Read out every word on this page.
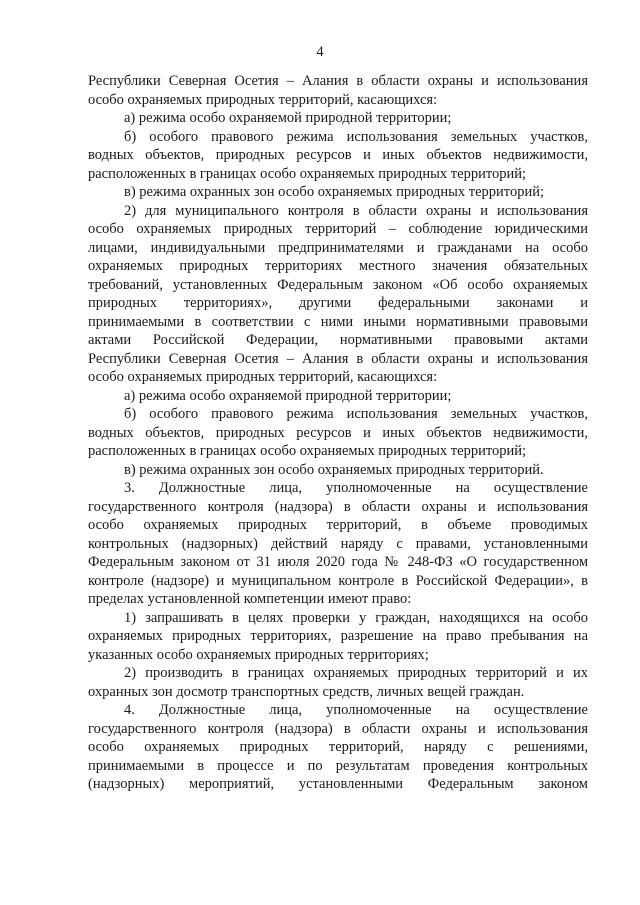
4
Республики Северная Осетия – Алания в области охраны и использования
особо охраняемых природных территорий, касающихся:
а) режима особо охраняемой природной территории;
б) особого правового режима использования земельных участков,
водных объектов, природных ресурсов и иных объектов недвижимости,
расположенных в границах особо охраняемых природных территорий;
в) режима охранных зон особо охраняемых природных территорий;
2) для муниципального контроля в области охраны и использования
особо охраняемых природных территорий – соблюдение юридическими
лицами, индивидуальными предпринимателями и гражданами на особо
охраняемых природных территориях местного значения обязательных
требований, установленных Федеральным законом «Об особо охраняемых
природных территориях», другими федеральными законами и
принимаемыми в соответствии с ними иными нормативными правовыми
актами Российской Федерации, нормативными правовыми актами
Республики Северная Осетия – Алания в области охраны и использования
особо охраняемых природных территорий, касающихся:
а) режима особо охраняемой природной территории;
б) особого правового режима использования земельных участков,
водных объектов, природных ресурсов и иных объектов недвижимости,
расположенных в границах особо охраняемых природных территорий;
в) режима охранных зон особо охраняемых природных территорий.
3. Должностные лица, уполномоченные на осуществление
государственного контроля (надзора) в области охраны и использования
особо охраняемых природных территорий, в объеме проводимых
контрольных (надзорных) действий наряду с правами, установленными
Федеральным законом от 31 июля 2020 года № 248-ФЗ «О государственном
контроле (надзоре) и муниципальном контроле в Российской Федерации», в
пределах установленной компетенции имеют право:
1) запрашивать в целях проверки у граждан, находящихся на особо
охраняемых природных территориях, разрешение на право пребывания на
указанных особо охраняемых природных территориях;
2) производить в границах охраняемых природных территорий и их
охранных зон досмотр транспортных средств, личных вещей граждан.
4. Должностные лица, уполномоченные на осуществление
государственного контроля (надзора) в области охраны и использования
особо охраняемых природных территорий, наряду с решениями,
принимаемыми в процессе и по результатам проведения контрольных
(надзорных) мероприятий, установленными Федеральным законом
